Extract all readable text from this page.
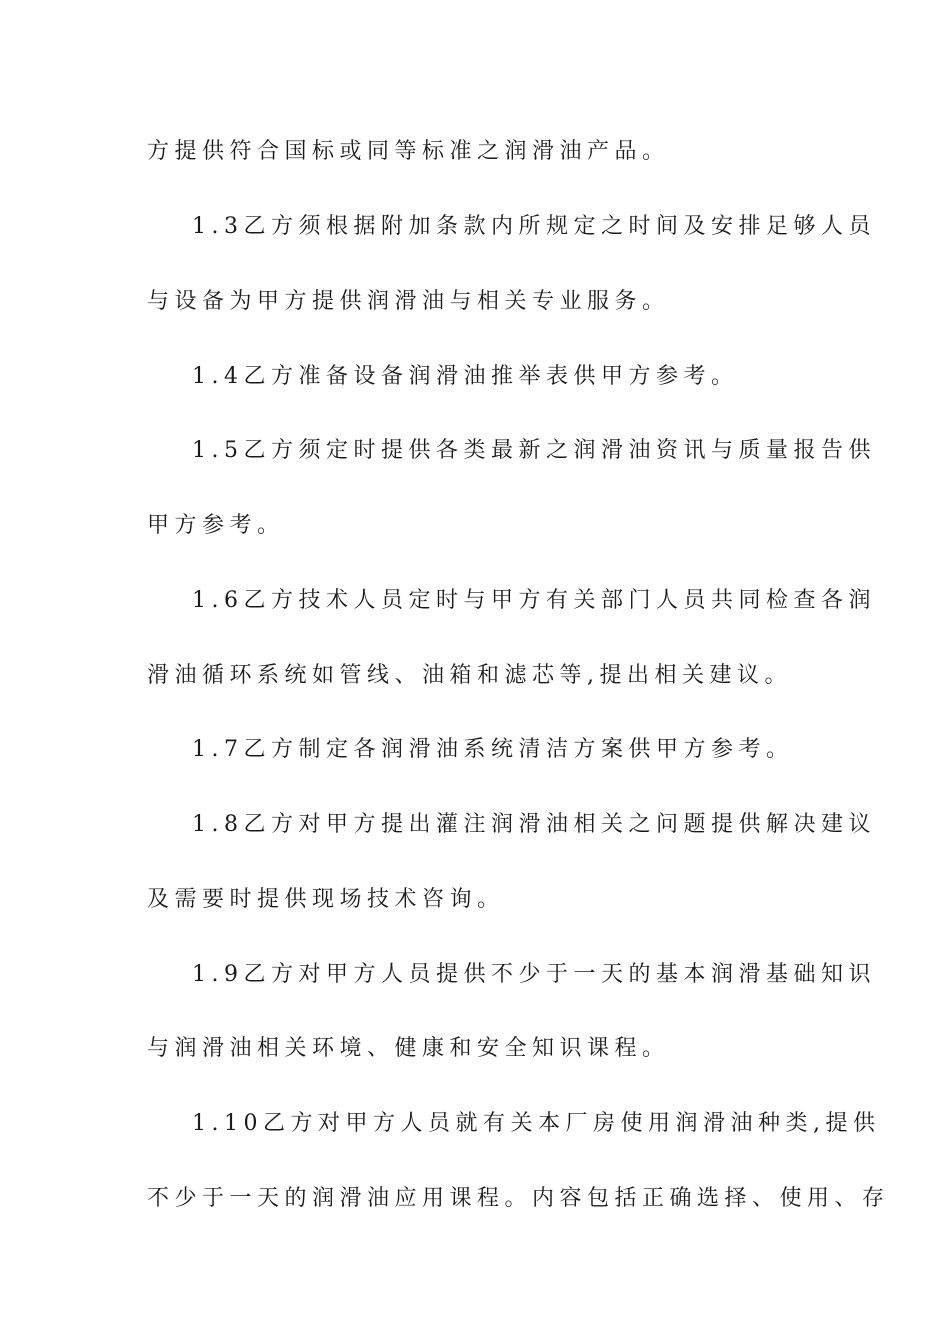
方提供符合国标或同等标准之润滑油产品。
1.3乙方须根据附加条款内所规定之时间及安排足够人员
与设备为甲方提供润滑油与相关专业服务。
1.4乙方准备设备润滑油推举表供甲方参考。
1.5乙方须定时提供各类最新之润滑油资讯与质量报告供
甲方参考。
1.6乙方技术人员定时与甲方有关部门人员共同检查各润
滑油循环系统如管线、油箱和滤芯等,提出相关建议。
1.7乙方制定各润滑油系统清洁方案供甲方参考。
1.8乙方对甲方提出灌注润滑油相关之问题提供解决建议
及需要时提供现场技术咨询。
1.9乙方对甲方人员提供不少于一天的基本润滑基础知识
与润滑油相关环境、健康和安全知识课程。
1.10乙方对甲方人员就有关本厂房使用润滑油种类,提供
不少于一天的润滑油应用课程。内容包括正确选择、使用、存
